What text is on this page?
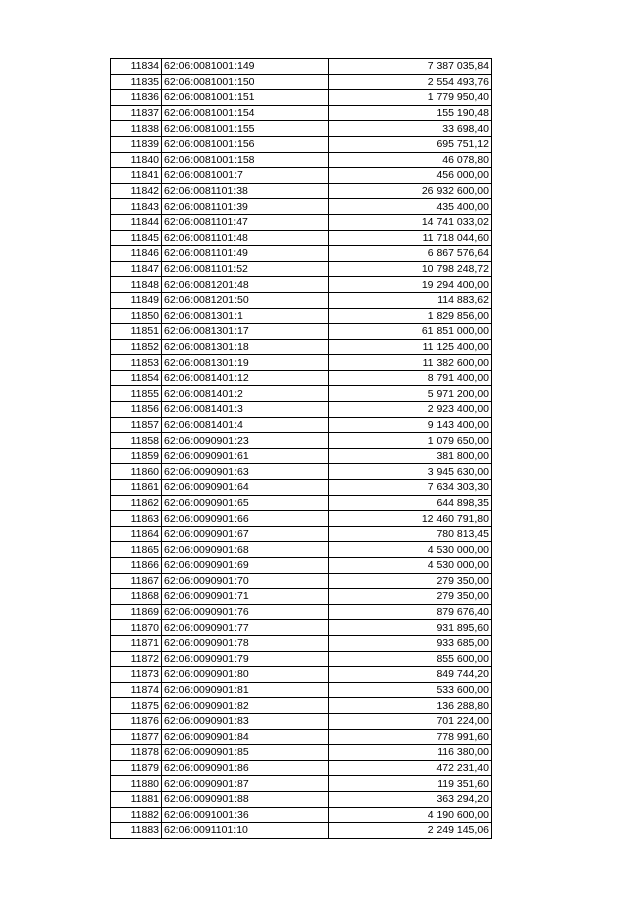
11834	62:06:0081001:149	7 387 035,84
11835	62:06:0081001:150	2 554 493,76
11836	62:06:0081001:151	1 779 950,40
11837	62:06:0081001:154	155 190,48
11838	62:06:0081001:155	33 698,40
11839	62:06:0081001:156	695 751,12
11840	62:06:0081001:158	46 078,80
11841	62:06:0081001:7	456 000,00
11842	62:06:0081101:38	26 932 600,00
11843	62:06:0081101:39	435 400,00
11844	62:06:0081101:47	14 741 033,02
11845	62:06:0081101:48	11 718 044,60
11846	62:06:0081101:49	6 867 576,64
11847	62:06:0081101:52	10 798 248,72
11848	62:06:0081201:48	19 294 400,00
11849	62:06:0081201:50	114 883,62
11850	62:06:0081301:1	1 829 856,00
11851	62:06:0081301:17	61 851 000,00
11852	62:06:0081301:18	11 125 400,00
11853	62:06:0081301:19	11 382 600,00
11854	62:06:0081401:12	8 791 400,00
11855	62:06:0081401:2	5 971 200,00
11856	62:06:0081401:3	2 923 400,00
11857	62:06:0081401:4	9 143 400,00
11858	62:06:0090901:23	1 079 650,00
11859	62:06:0090901:61	381 800,00
11860	62:06:0090901:63	3 945 630,00
11861	62:06:0090901:64	7 634 303,30
11862	62:06:0090901:65	644 898,35
11863	62:06:0090901:66	12 460 791,80
11864	62:06:0090901:67	780 813,45
11865	62:06:0090901:68	4 530 000,00
11866	62:06:0090901:69	4 530 000,00
11867	62:06:0090901:70	279 350,00
11868	62:06:0090901:71	279 350,00
11869	62:06:0090901:76	879 676,40
11870	62:06:0090901:77	931 895,60
11871	62:06:0090901:78	933 685,00
11872	62:06:0090901:79	855 600,00
11873	62:06:0090901:80	849 744,20
11874	62:06:0090901:81	533 600,00
11875	62:06:0090901:82	136 288,80
11876	62:06:0090901:83	701 224,00
11877	62:06:0090901:84	778 991,60
11878	62:06:0090901:85	116 380,00
11879	62:06:0090901:86	472 231,40
11880	62:06:0090901:87	119 351,60
11881	62:06:0090901:88	363 294,20
11882	62:06:0091001:36	4 190 600,00
11883	62:06:0091101:10	2 249 145,06
